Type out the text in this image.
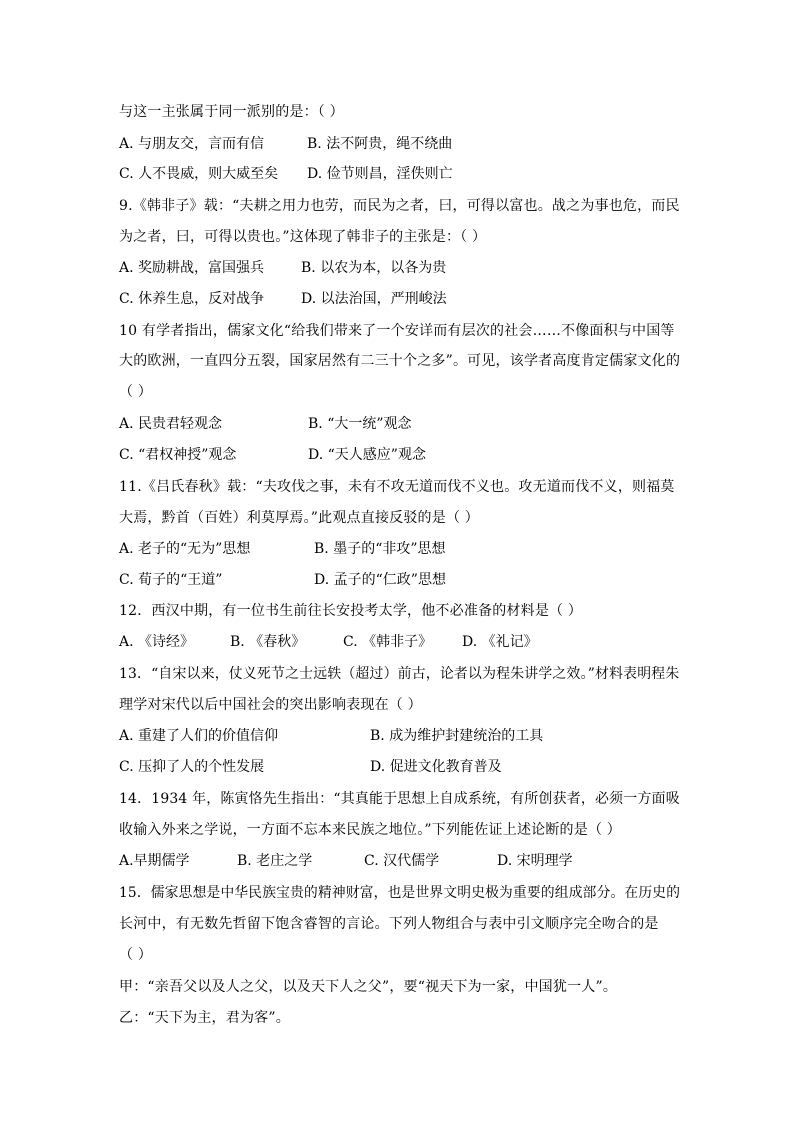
与这一主张属于同一派别的是：（ ）
A. 与朋友交，言而有信	B. 法不阿贵，绳不绕曲
C. 人不畏威，则大威至矣 D. 俭节则昌，淫佚则亡
9.《韩非子》载：“夫耕之用力也劳，而民为之者，曰，可得以富也。战之为事也危，而民
为之者，曰，可得以贵也。”这体现了韩非子的主张是：（ ）
A. 奖励耕战，富国强兵	B. 以农为本，以各为贵
C. 休养生息，反对战争	D. 以法治国，严刑峻法
10 有学者指出，儒家文化“给我们带来了一个安详而有层次的社会……不像面积与中国等
大的欧洲，一直四分五裂，国家居然有二三十个之多”。可见，该学者高度肯定儒家文化的
（ ）
A. 民贵君轻观念	B. “大一统”观念
C. “君权神授”观念	D. “天人感应”观念
11.《吕氏春秋》载：“夫攻伐之事，未有不攻无道而伐不义也。攻无道而伐不义，则福莫
大焉，黔首（百姓）利莫厚焉。”此观点直接反驳的是（ ）
A. 老子的“无为”思想	B. 墨子的“非攻”思想
C. 荀子的“王道”	D. 孟子的“仁政”思想
12．西汉中期，有一位书生前往长安投考太学，他不必准备的材料是（ ）
A. 《诗经》	B. 《春秋》	C. 《韩非子》 D. 《礼记》
13．“自宋以来，仗义死节之士远轶（超过）前古，论者以为程朱讲学之效。”材料表明程朱
理学对宋代以后中国社会的突出影响表现在（ ）
A. 重建了人们的价值信仰	B. 成为维护封建统治的工具
C. 压抑了人的个性发展	D. 促进文化教育普及
14．1934 年，陈寅恪先生指出：“其真能于思想上自成系统，有所创获者，必须一方面吸
收输入外来之学说，一方面不忘本来民族之地位。”下列能佐证上述论断的是（ ）
A.早期儒学	B. 老庄之学	C. 汉代儒学	D. 宋明理学
15．儒家思想是中华民族宝贵的精神财富，也是世界文明史极为重要的组成部分。在历史的
长河中，有无数先哲留下饱含睿智的言论。下列人物组合与表中引文顺序完全吻合的是
（ ）
甲：“亲吾父以及人之父，以及天下人之父”，要“视天下为一家，中国犹一人”。
乙：“天下为主，君为客”。
